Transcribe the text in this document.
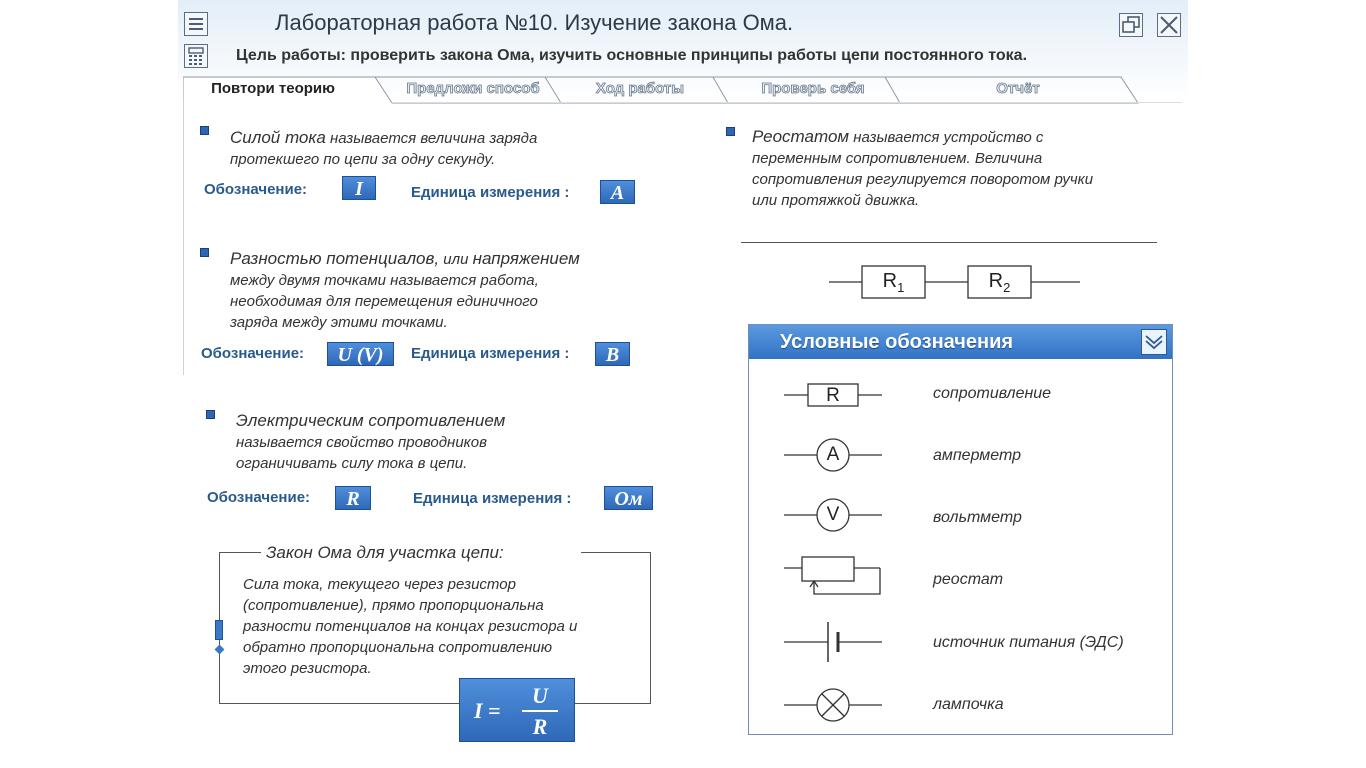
Лабораторная работа №10. Изучение закона Ома.
Цель работы: проверить закона Ома, изучить основные принципы работы цепи постоянного тока.
Повтори теорию	Предложи способ	Ход работы	Проверь себя	Отчёт
Силой тока называется величина заряда
протекшего по цепи за одну секунду.
Обозначение:	I	Единица измерения :	A
Разностью потенциалов, или напряжением
между двумя точками называется работа,
необходимая для перемещения единичного
заряда между этими точками.
Обозначение:	U (V)	Единица измерения :	В
Электрическим сопротивлением
называется свойство проводников
ограничивать силу тока в цепи.
Обозначение:	R	Единица измерения :	Ом
Закон Ома для участка цепи:
Сила тока, текущего через резистор
(сопротивление), прямо пропорциональна
разности потенциалов на концах резистора и
обратно пропорциональна сопротивлению
этого резистора.
I =
U
R
Реостатом называется устройство с
переменным сопротивлением. Величина
сопротивления регулируется поворотом ручки
или протяжкой движка.
$R_1$	$R_2$
Условные обозначения
R	сопротивление
A	амперметр
V	вольтметр
реостат
источник питания (ЭДС)
лампочка
